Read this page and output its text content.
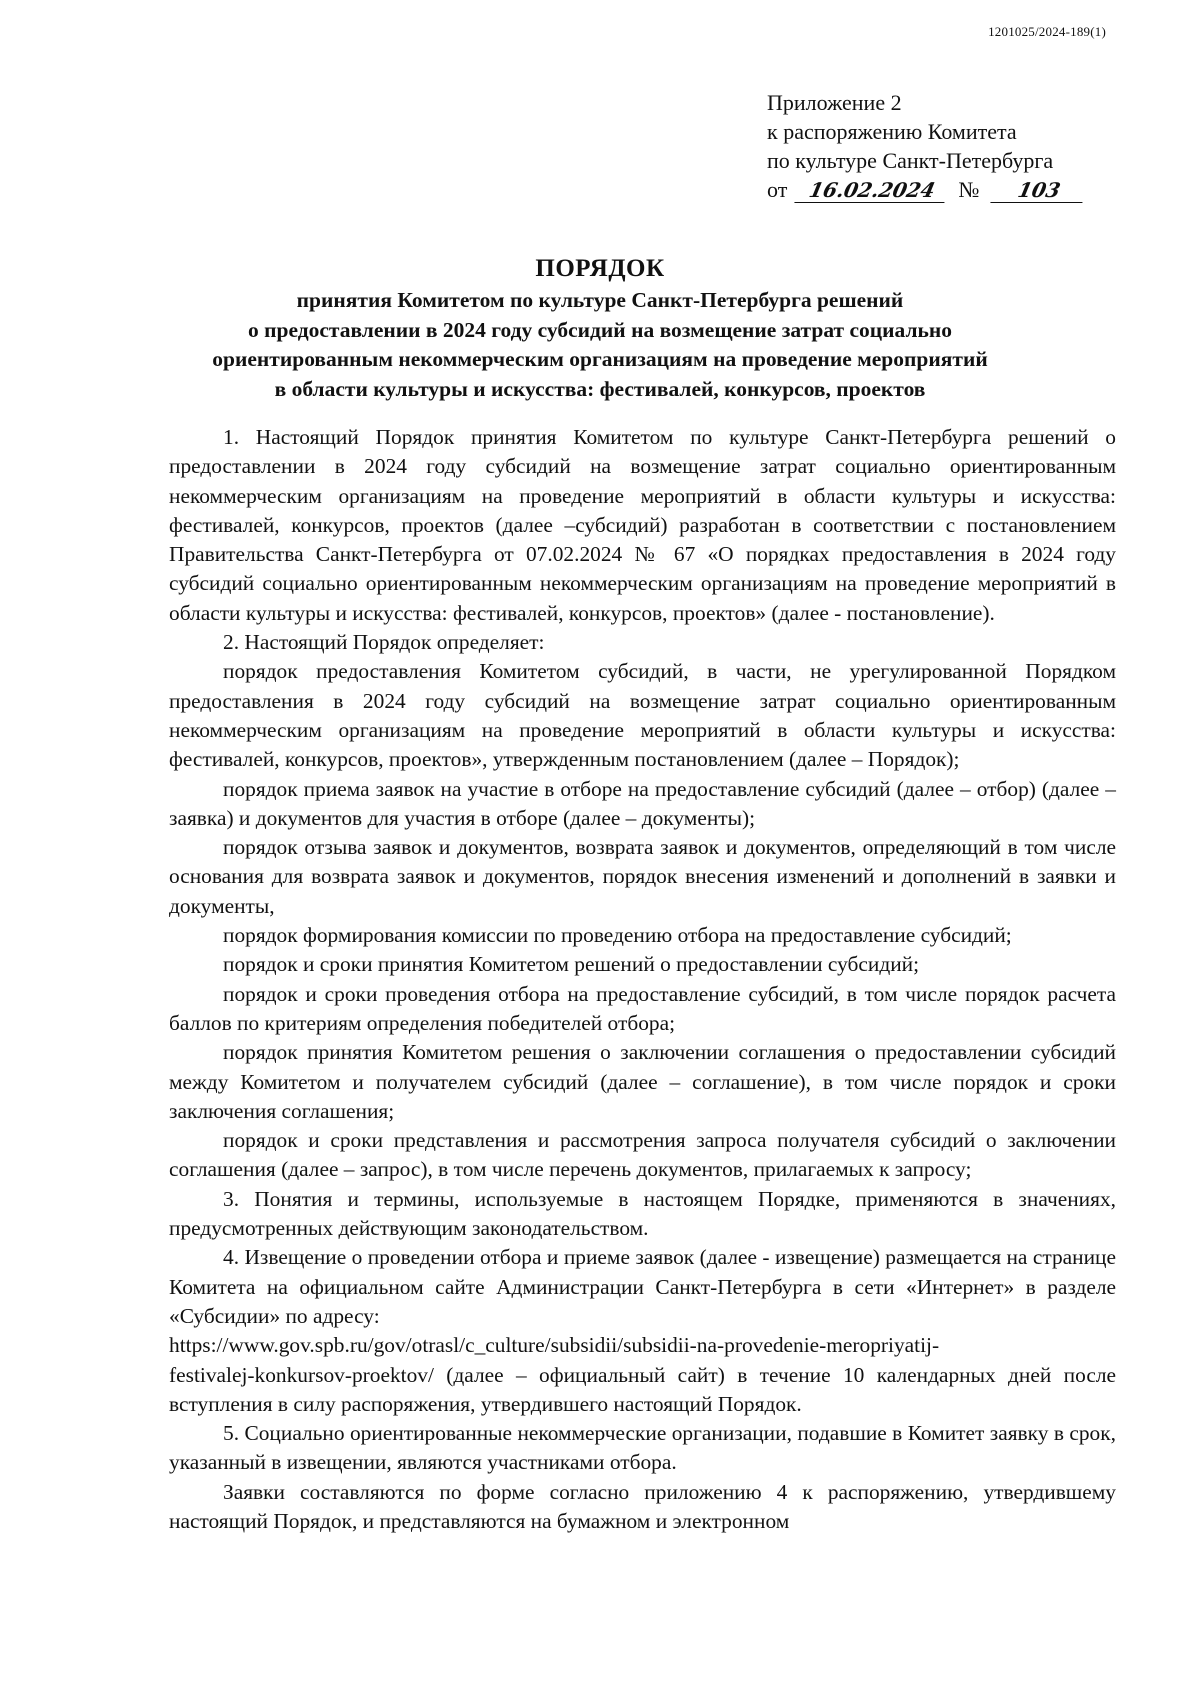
1201025/2024-189(1)
Приложение 2
к распоряжению Комитета
по культуре Санкт-Петербурга
от 16.02.2024 № 103
ПОРЯДОК
принятия Комитетом по культуре Санкт-Петербурга решений
о предоставлении в 2024 году субсидий на возмещение затрат социально
ориентированным некоммерческим организациям на проведение мероприятий
в области культуры и искусства: фестивалей, конкурсов, проектов

1. Настоящий Порядок принятия Комитетом по культуре Санкт-Петербурга решений о предоставлении в 2024 году субсидий на возмещение затрат социально ориентированным некоммерческим организациям на проведение мероприятий в области культуры и искусства: фестивалей, конкурсов, проектов (далее –субсидий) разработан в соответствии с постановлением Правительства Санкт-Петербурга от 07.02.2024 № 67 «О порядках предоставления в 2024 году субсидий социально ориентированным некоммерческим организациям на проведение мероприятий в области культуры и искусства: фестивалей, конкурсов, проектов» (далее - постановление).

2. Настоящий Порядок определяет:

порядок предоставления Комитетом субсидий, в части, не урегулированной Порядком предоставления в 2024 году субсидий на возмещение затрат социально ориентированным некоммерческим организациям на проведение мероприятий в области культуры и искусства: фестивалей, конкурсов, проектов», утвержденным постановлением (далее – Порядок);

порядок приема заявок на участие в отборе на предоставление субсидий (далее – отбор) (далее – заявка) и документов для участия в отборе (далее – документы);

порядок отзыва заявок и документов, возврата заявок и документов, определяющий в том числе основания для возврата заявок и документов, порядок внесения изменений и дополнений в заявки и документы,

порядок формирования комиссии по проведению отбора на предоставление субсидий;

порядок и сроки принятия Комитетом решений о предоставлении субсидий;

порядок и сроки проведения отбора на предоставление субсидий, в том числе порядок расчета баллов по критериям определения победителей отбора;

порядок принятия Комитетом решения о заключении соглашения о предоставлении субсидий между Комитетом и получателем субсидий (далее – соглашение), в том числе порядок и сроки заключения соглашения;

порядок и сроки представления и рассмотрения запроса получателя субсидий о заключении соглашения (далее – запрос), в том числе перечень документов, прилагаемых к запросу;

3. Понятия и термины, используемые в настоящем Порядке, применяются в значениях, предусмотренных действующим законодательством.

4. Извещение о проведении отбора и приеме заявок (далее - извещение) размещается на странице Комитета на официальном сайте Администрации Санкт-Петербурга в сети «Интернет» в разделе «Субсидии» по адресу:

https://www.gov.spb.ru/gov/otrasl/c_culture/subsidii/subsidii-na-provedenie-meropriyatij-

festivalej-konkursov-proektov/ (далее – официальный сайт) в течение 10 календарных дней после вступления в силу распоряжения, утвердившего настоящий Порядок.

5. Социально ориентированные некоммерческие организации, подавшие в Комитет заявку в срок, указанный в извещении, являются участниками отбора.

Заявки составляются по форме согласно приложению 4 к распоряжению, утвердившему настоящий Порядок, и представляются на бумажном и электронном
